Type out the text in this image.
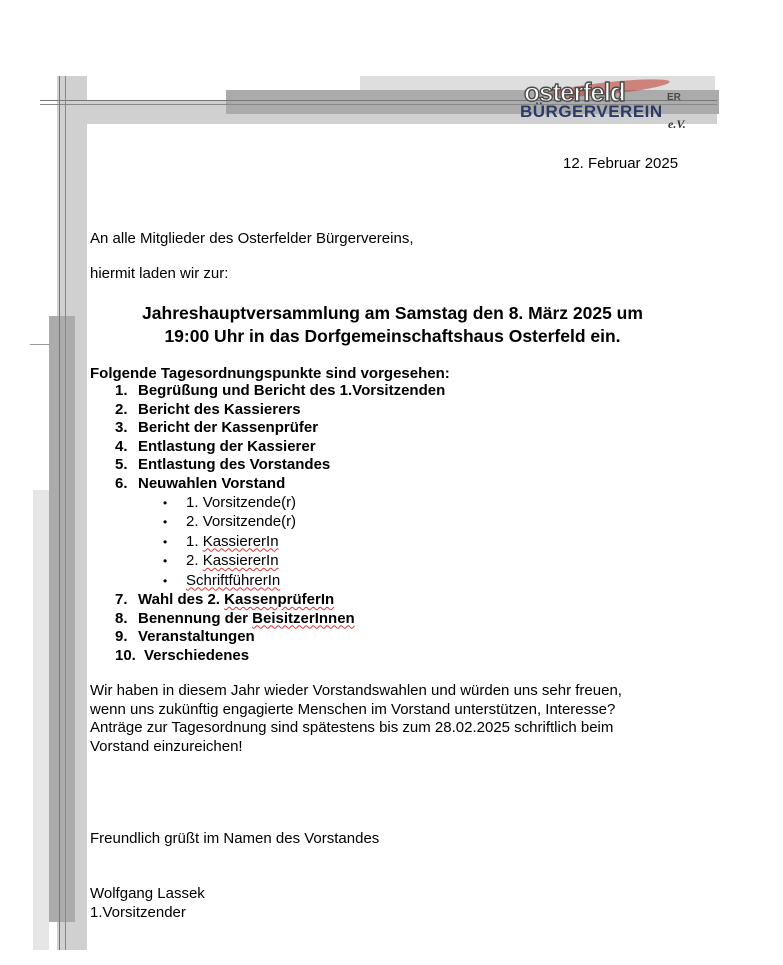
osterfeld	ER
BÜRGERVEREIN
e.V.
12. Februar 2025
An alle Mitglieder des Osterfelder Bürgervereins,
hiermit laden wir zur:
Jahreshauptversammlung am Samstag den 8. März 2025 um
19:00 Uhr in das Dorfgemeinschaftshaus Osterfeld ein.
Folgende Tagesordnungspunkte sind vorgesehen:
1. Begrüßung und Bericht des 1.Vorsitzenden
2. Bericht des Kassierers
3. Bericht der Kassenprüfer
4. Entlastung der Kassierer
5. Entlastung des Vorstandes
6. Neuwahlen Vorstand
• 1. Vorsitzende(r)
• 2. Vorsitzende(r)
• 1. KassiererIn
• 2. KassiererIn
• SchriftführerIn
7. Wahl des 2. KassenprüferIn
8. Benennung der BeisitzerInnen
9. Veranstaltungen
10. Verschiedenes
Wir haben in diesem Jahr wieder Vorstandswahlen und würden uns sehr freuen,
wenn uns zukünftig engagierte Menschen im Vorstand unterstützen, Interesse?
Anträge zur Tagesordnung sind spätestens bis zum 28.02.2025 schriftlich beim
Vorstand einzureichen!
Freundlich grüßt im Namen des Vorstandes
Wolfgang Lassek
1.Vorsitzender
